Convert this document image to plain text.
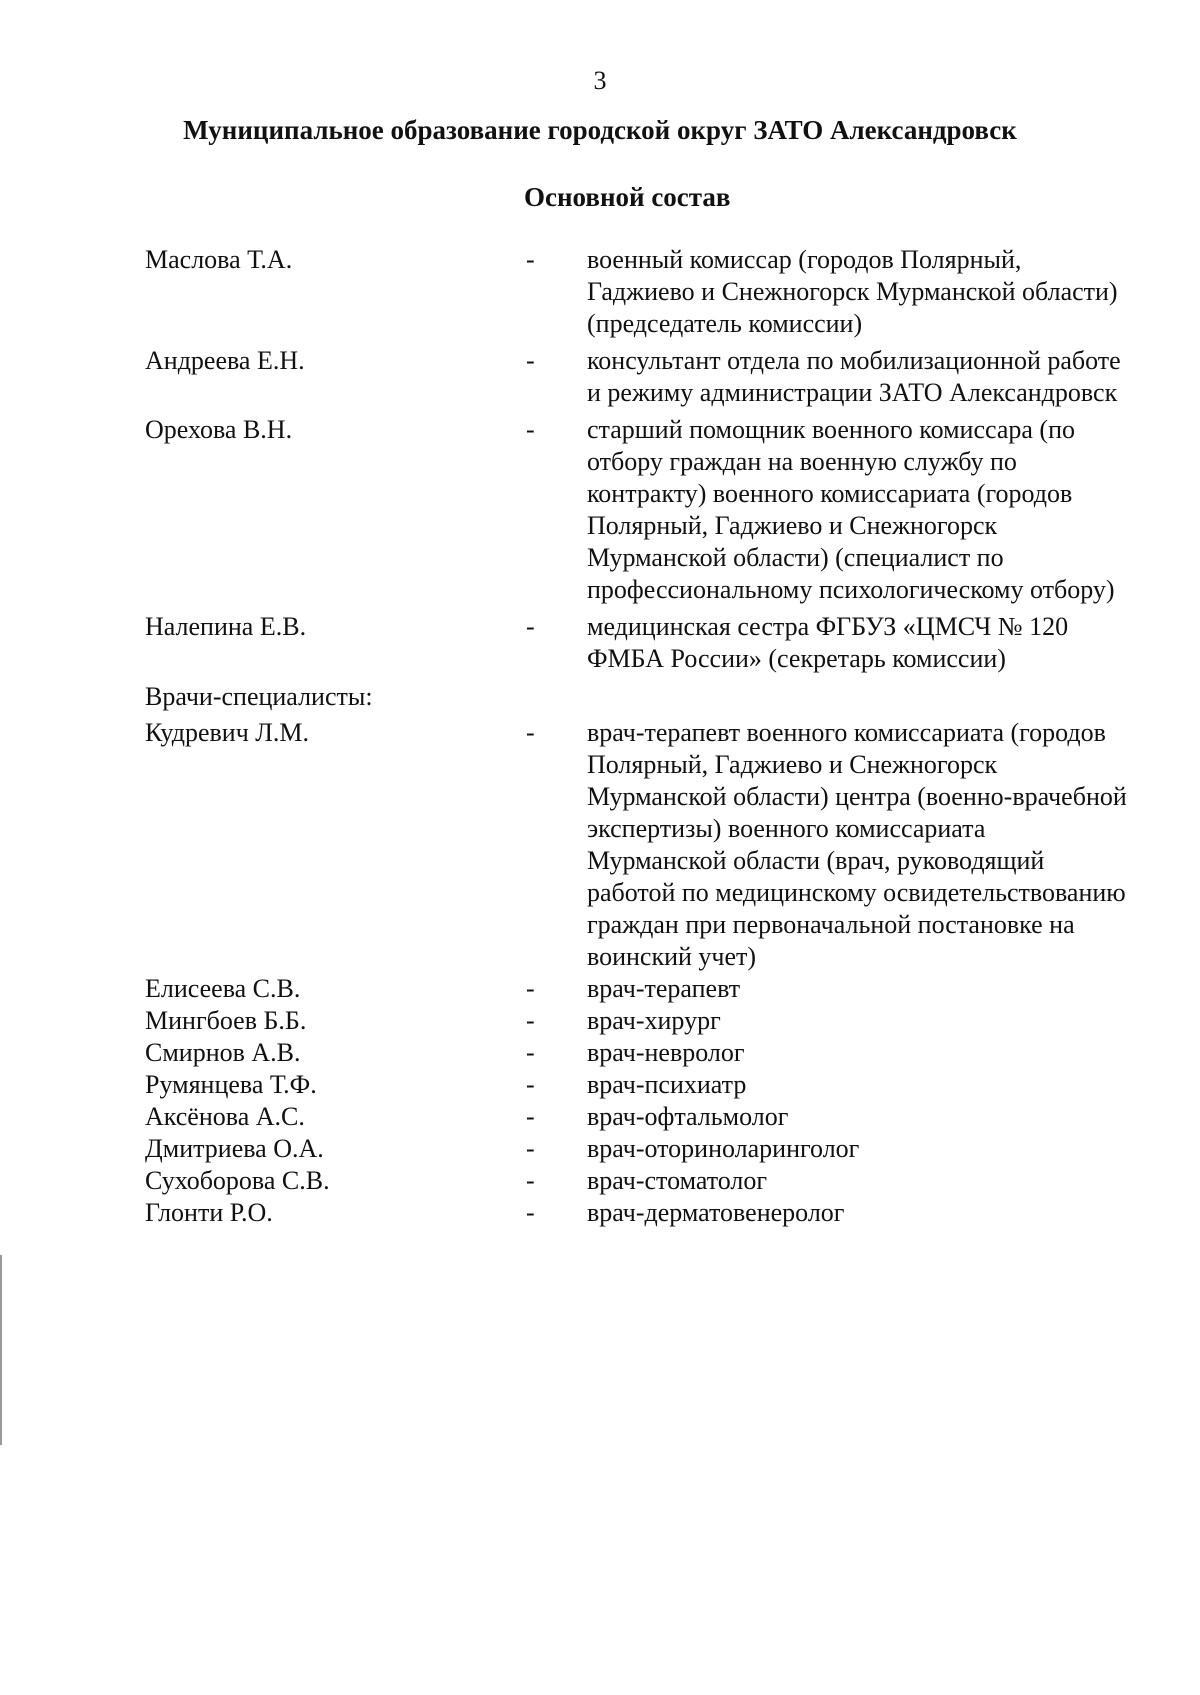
3
Муниципальное образование городской округ ЗАТО Александровск
Основной состав
Маслова Т.А.	- военный комиссар (городов Полярный, Гаджиево и Снежногорск Мурманской области) (председатель комиссии)
Андреева Е.Н.	- консультант отдела по мобилизационной работе и режиму администрации ЗАТО Александровск
Орехова В.Н.	- старший помощник военного комиссара (по отбору граждан на военную службу по контракту) военного комиссариата (городов Полярный, Гаджиево и Снежногорск Мурманской области) (специалист по профессиональному психологическому отбору)
Налепина Е.В.	- медицинская сестра ФГБУЗ «ЦМСЧ № 120 ФМБА России» (секретарь комиссии)
Врачи-специалисты:
Кудревич Л.М.	- врач-терапевт военного комиссариата (городов Полярный, Гаджиево и Снежногорск Мурманской области) центра (военно-врачебной экспертизы) военного комиссариата Мурманской области (врач, руководящий работой по медицинскому освидетельствованию граждан при первоначальной постановке на воинский учет)
Елисеева С.В.	- врач-терапевт
Мингбоев Б.Б.	- врач-хирург
Смирнов А.В.	- врач-невролог
Румянцева Т.Ф.	- врач-психиатр
Аксёнова А.С.	- врач-офтальмолог
Дмитриева О.А.	- врач-оториноларинголог
Сухоборова С.В.	- врач-стоматолог
Глонти Р.О.	- врач-дерматовенеролог
